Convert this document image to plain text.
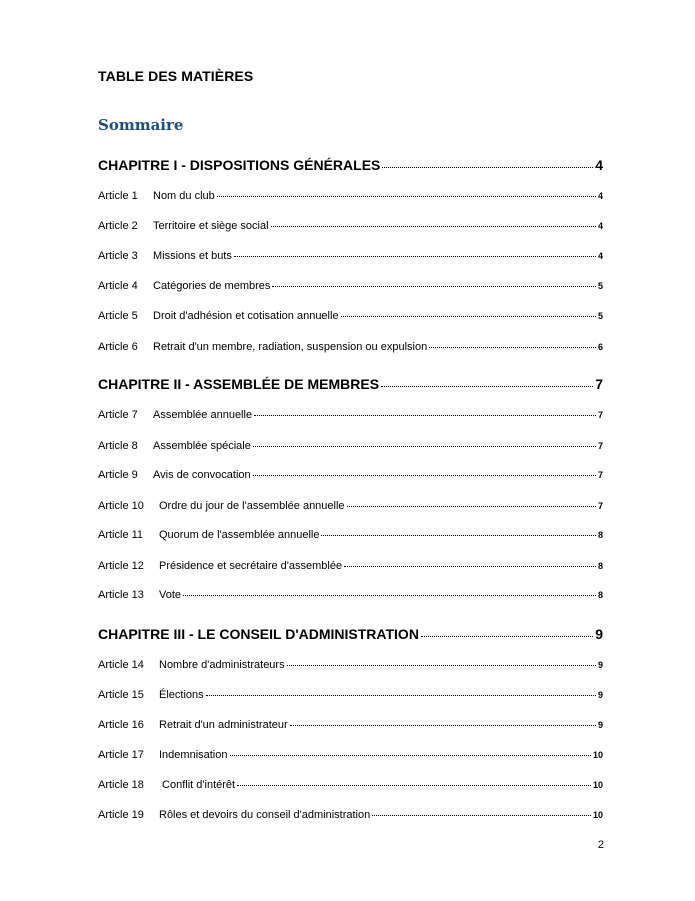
TABLE DES MATIÈRES
Sommaire
CHAPITRE I - DISPOSITIONS GÉNÉRALES	4
Article 1	Nom du club	4
Article 2	Territoire et siège social	4
Article 3	Missions et buts	4
Article 4	Catégories de membres	5
Article 5	Droit d'adhésion et cotisation annuelle	5
Article 6	Retrait d'un membre, radiation, suspension ou expulsion	6
CHAPITRE II - ASSEMBLÉE DE MEMBRES	7
Article 7	Assemblée annuelle	7
Article 8	Assemblée spéciale	7
Article 9	Avis de convocation	7
Article 10	Ordre du jour de l'assemblée annuelle	7
Article 11	Quorum de l'assemblée annuelle	8
Article 12	Présidence et secrétaire d'assemblée	8
Article 13	Vote	8
CHAPITRE III - LE CONSEIL D'ADMINISTRATION	9
Article 14	Nombre d'administrateurs	9
Article 15	Élections	9
Article 16	Retrait d'un administrateur	9
Article 17	Indemnisation	10
Article 18	Conflit d'intérêt	10
Article 19	Rôles et devoirs du conseil d'administration	10
2
